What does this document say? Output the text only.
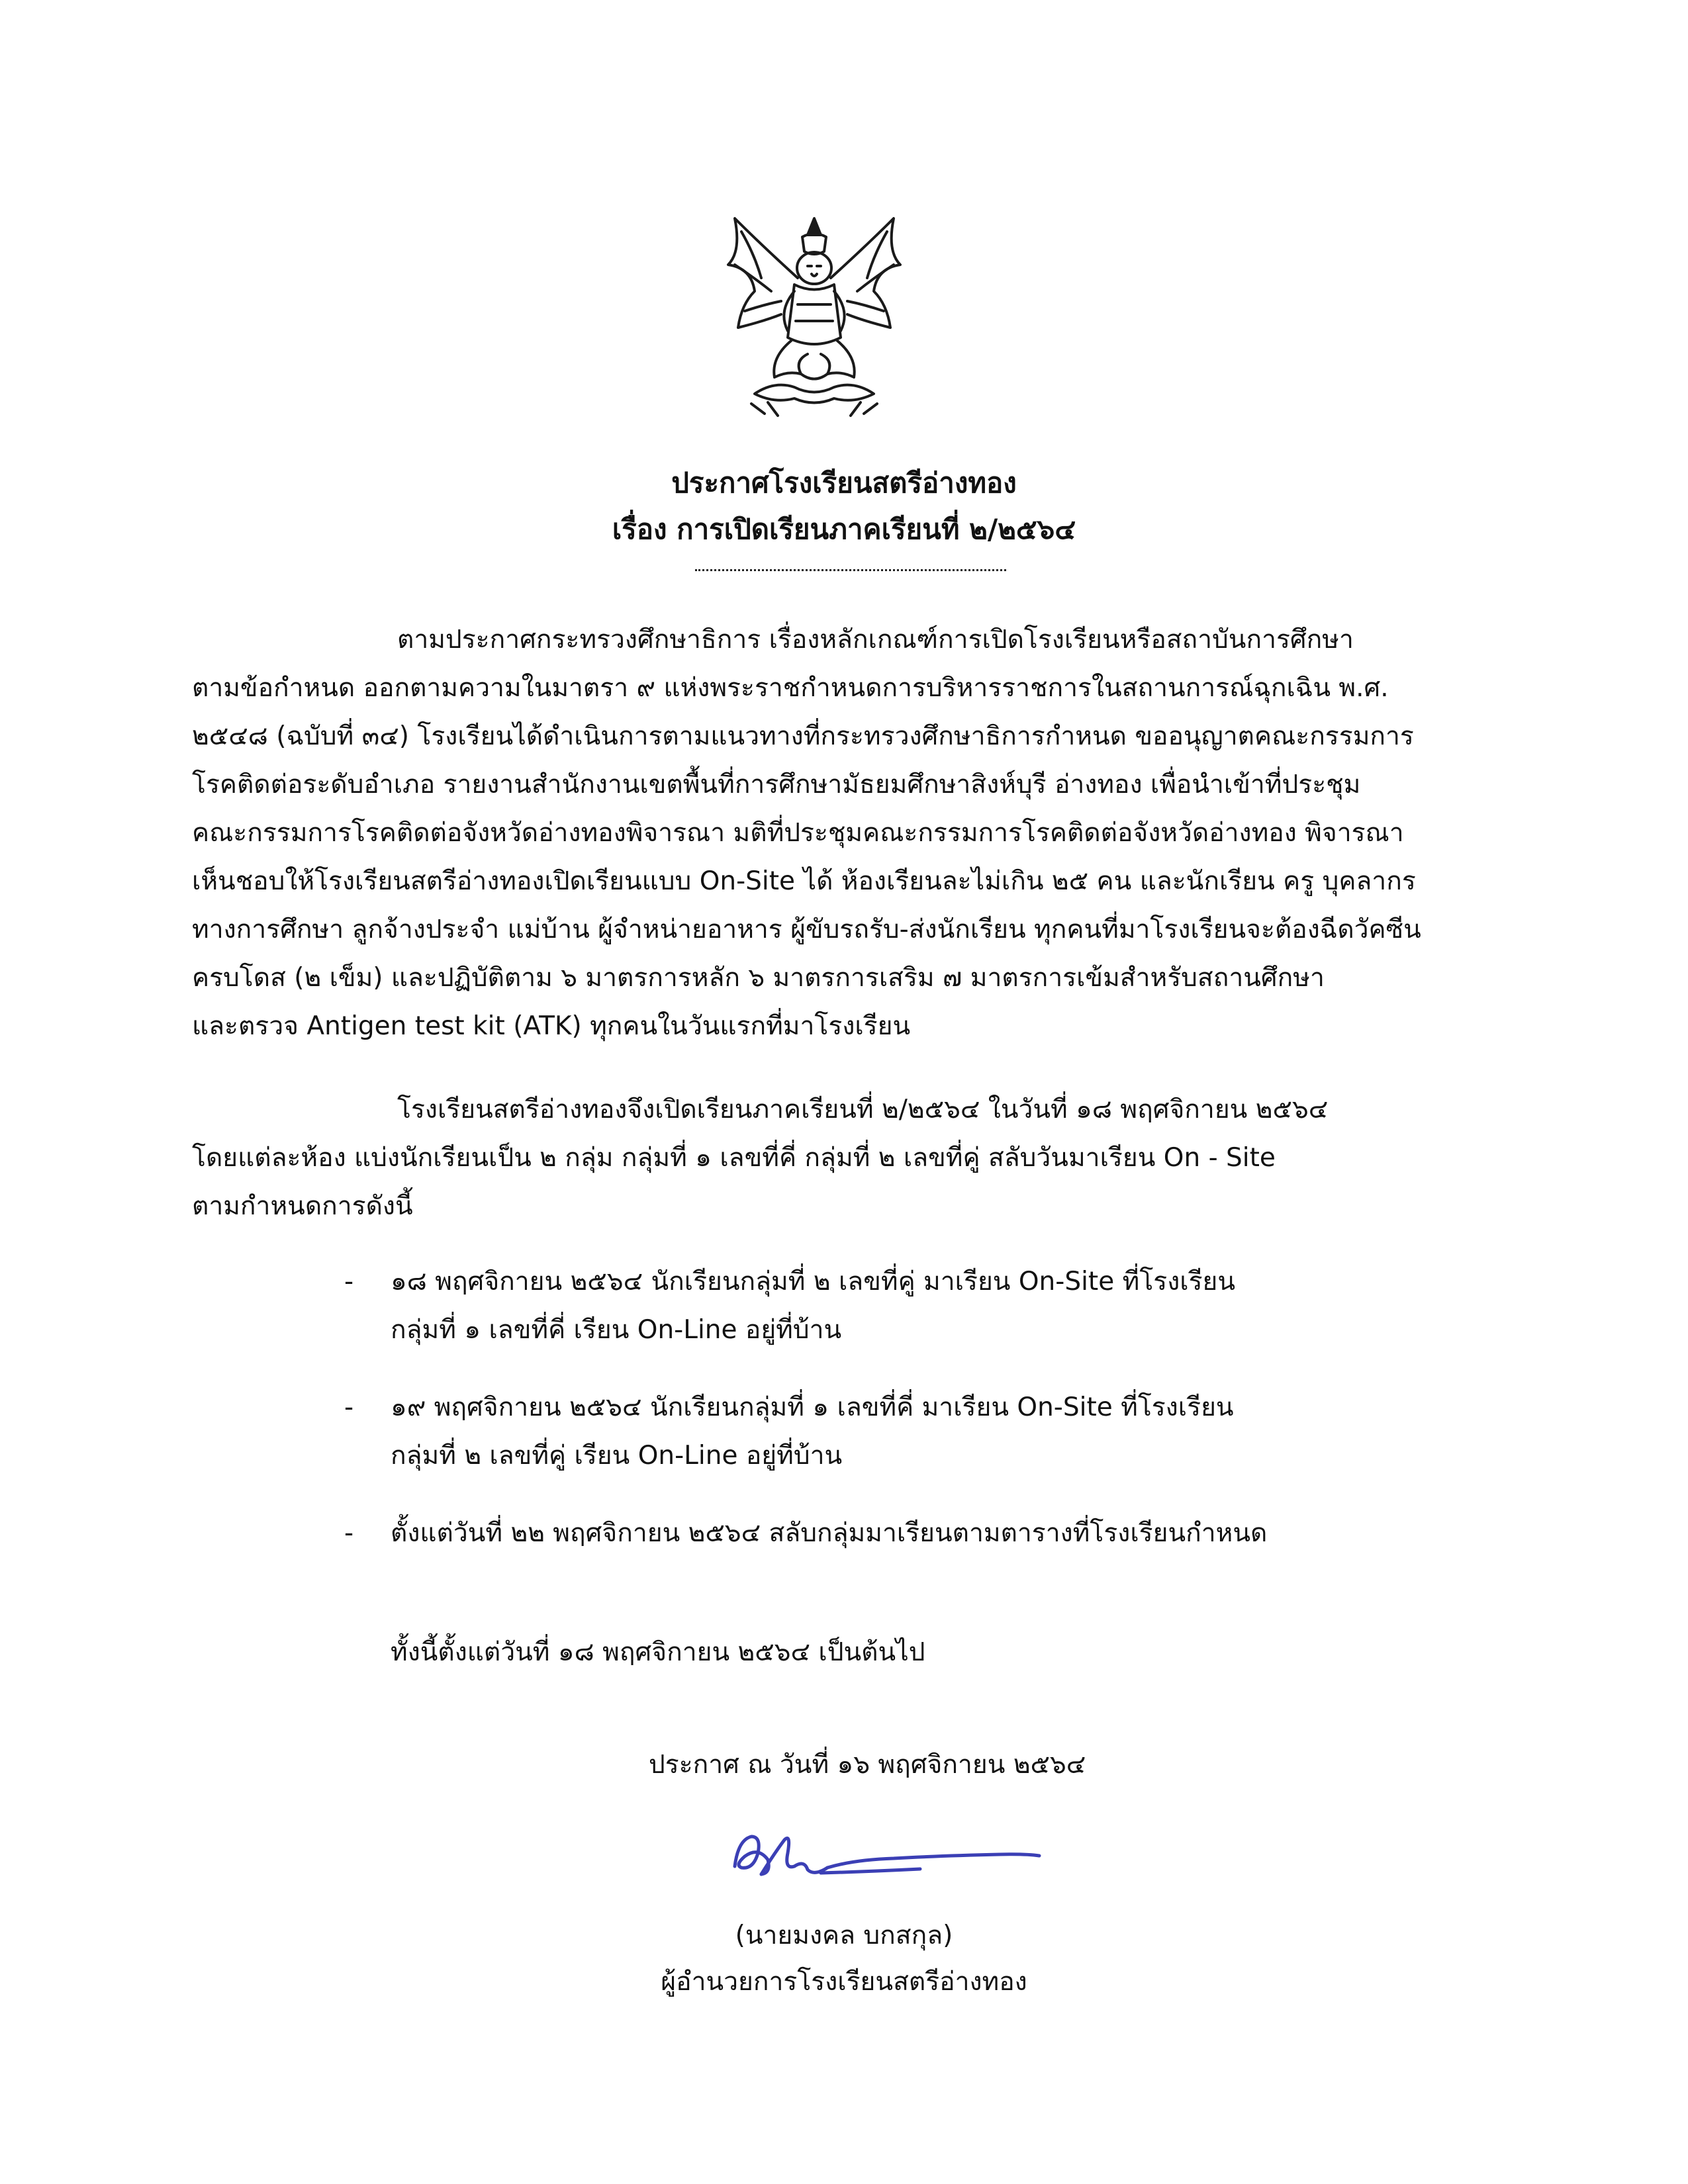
ประกาศโรงเรียนสตรีอ่างทอง
เรื่อง การเปิดเรียนภาคเรียนที่ ๒/๒๕๖๔
ตามประกาศกระทรวงศึกษาธิการ เรื่องหลักเกณฑ์การเปิดโรงเรียนหรือสถาบันการศึกษา
ตามข้อกำหนด ออกตามความในมาตรา ๙ แห่งพระราชกำหนดการบริหารราชการในสถานการณ์ฉุกเฉิน พ.ศ.
๒๕๔๘ (ฉบับที่ ๓๔) โรงเรียนได้ดำเนินการตามแนวทางที่กระทรวงศึกษาธิการกำหนด ขออนุญาตคณะกรรมการ
โรคติดต่อระดับอำเภอ รายงานสำนักงานเขตพื้นที่การศึกษามัธยมศึกษาสิงห์บุรี อ่างทอง เพื่อนำเข้าที่ประชุม
คณะกรรมการโรคติดต่อจังหวัดอ่างทองพิจารณา มติที่ประชุมคณะกรรมการโรคติดต่อจังหวัดอ่างทอง พิจารณา
เห็นชอบให้โรงเรียนสตรีอ่างทองเปิดเรียนแบบ On-Site ได้ ห้องเรียนละไม่เกิน ๒๕ คน และนักเรียน ครู บุคลากร
ทางการศึกษา ลูกจ้างประจำ แม่บ้าน ผู้จำหน่ายอาหาร ผู้ขับรถรับ-ส่งนักเรียน ทุกคนที่มาโรงเรียนจะต้องฉีดวัคซีน
ครบโดส (๒ เข็ม) และปฏิบัติตาม ๖ มาตรการหลัก ๖ มาตรการเสริม ๗ มาตรการเข้มสำหรับสถานศึกษา
และตรวจ Antigen test kit (ATK) ทุกคนในวันแรกที่มาโรงเรียน
โรงเรียนสตรีอ่างทองจึงเปิดเรียนภาคเรียนที่ ๒/๒๕๖๔ ในวันที่ ๑๘ พฤศจิกายน ๒๕๖๔
โดยแต่ละห้อง แบ่งนักเรียนเป็น ๒ กลุ่ม กลุ่มที่ ๑ เลขที่คี่ กลุ่มที่ ๒ เลขที่คู่ สลับวันมาเรียน On - Site
ตามกำหนดการดังนี้
- ๑๘ พฤศจิกายน ๒๕๖๔ นักเรียนกลุ่มที่ ๒ เลขที่คู่ มาเรียน On-Site ที่โรงเรียน
กลุ่มที่ ๑ เลขที่คี่ เรียน On-Line อยู่ที่บ้าน
- ๑๙ พฤศจิกายน ๒๕๖๔ นักเรียนกลุ่มที่ ๑ เลขที่คี่ มาเรียน On-Site ที่โรงเรียน
กลุ่มที่ ๒ เลขที่คู่ เรียน On-Line อยู่ที่บ้าน
- ตั้งแต่วันที่ ๒๒ พฤศจิกายน ๒๕๖๔ สลับกลุ่มมาเรียนตามตารางที่โรงเรียนกำหนด
ทั้งนี้ตั้งแต่วันที่ ๑๘ พฤศจิกายน ๒๕๖๔ เป็นต้นไป
ประกาศ ณ วันที่ ๑๖ พฤศจิกายน ๒๕๖๔
(นายมงคล บกสกุล)
ผู้อำนวยการโรงเรียนสตรีอ่างทอง
